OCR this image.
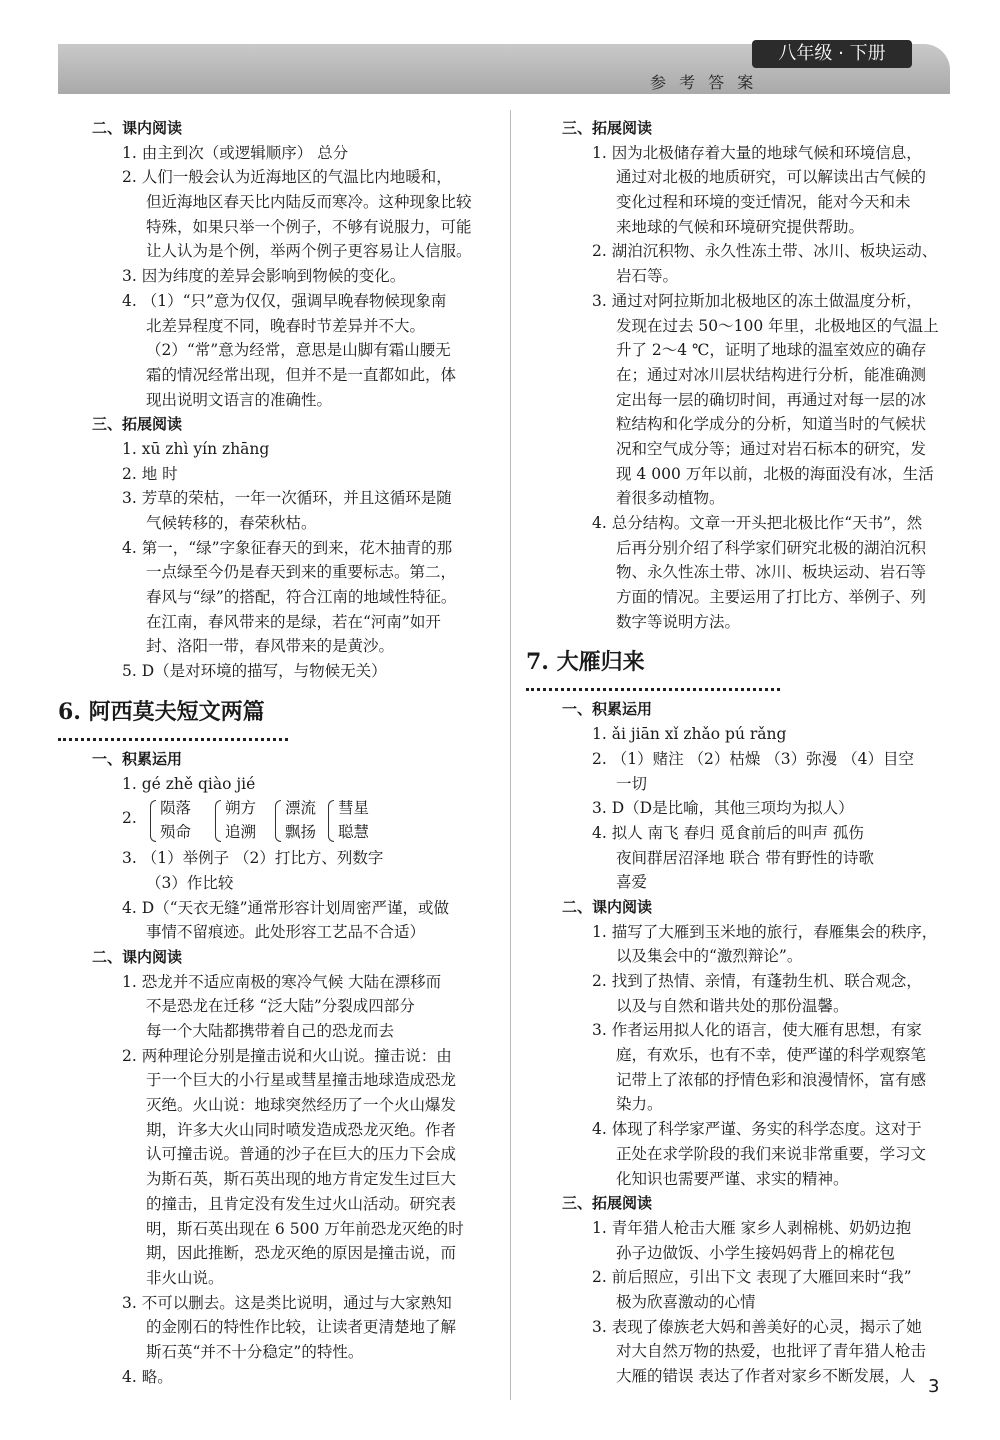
八年级 · 下册
参 考 答 案
二、课内阅读
1. 由主到次（或逻辑顺序） 总分
2. 人们一般会认为近海地区的气温比内地暖和，
但近海地区春天比内陆反而寒冷。这种现象比较
特殊，如果只举一个例子，不够有说服力，可能
让人认为是个例，举两个例子更容易让人信服。
3. 因为纬度的差异会影响到物候的变化。
4. （1）“只”意为仅仅，强调早晚春物候现象南
北差异程度不同，晚春时节差异并不大。
（2）“常”意为经常，意思是山脚有霜山腰无
霜的情况经常出现，但并不是一直都如此，体
现出说明文语言的准确性。
三、拓展阅读
1. xū zhì yín zhāng
2. 地 时
3. 芳草的荣枯，一年一次循环，并且这循环是随
气候转移的，春荣秋枯。
4. 第一，“绿”字象征春天的到来，花木抽青的那
一点绿至今仍是春天到来的重要标志。第二，
春风与“绿”的搭配，符合江南的地域性特征。
在江南，春风带来的是绿，若在“河南”如开
封、洛阳一带，春风带来的是黄沙。
5. D（是对环境的描写，与物候无关）
6. 阿西莫夫短文两篇
一、积累运用
1. gé zhě qiào jié
2.
陨落
殒命
朔方
追溯
漂流
飘扬
彗星
聪慧
3. （1）举例子 （2）打比方、列数字
（3）作比较
4. D（“天衣无缝”通常形容计划周密严谨，或做
事情不留痕迹。此处形容工艺品不合适）
二、课内阅读
1. 恐龙并不适应南极的寒冷气候 大陆在漂移而
不是恐龙在迁移 “泛大陆”分裂成四部分
每一个大陆都携带着自己的恐龙而去
2. 两种理论分别是撞击说和火山说。撞击说：由
于一个巨大的小行星或彗星撞击地球造成恐龙
灭绝。火山说：地球突然经历了一个火山爆发
期，许多大火山同时喷发造成恐龙灭绝。作者
认可撞击说。普通的沙子在巨大的压力下会成
为斯石英，斯石英出现的地方肯定发生过巨大
的撞击，且肯定没有发生过火山活动。研究表
明，斯石英出现在 6 500 万年前恐龙灭绝的时
期，因此推断，恐龙灭绝的原因是撞击说，而
非火山说。
3. 不可以删去。这是类比说明，通过与大家熟知
的金刚石的特性作比较，让读者更清楚地了解
斯石英“并不十分稳定”的特性。
4. 略。
三、拓展阅读
1. 因为北极储存着大量的地球气候和环境信息，
通过对北极的地质研究，可以解读出古气候的
变化过程和环境的变迁情况，能对今天和未
来地球的气候和环境研究提供帮助。
2. 湖泊沉积物、永久性冻土带、冰川、板块运动、
岩石等。
3. 通过对阿拉斯加北极地区的冻土做温度分析，
发现在过去 50～100 年里，北极地区的气温上
升了 2～4 ℃，证明了地球的温室效应的确存
在；通过对冰川层状结构进行分析，能准确测
定出每一层的确切时间，再通过对每一层的冰
粒结构和化学成分的分析，知道当时的气候状
况和空气成分等；通过对岩石标本的研究，发
现 4 000 万年以前，北极的海面没有冰，生活
着很多动植物。
4. 总分结构。文章一开头把北极比作“天书”，然
后再分别介绍了科学家们研究北极的湖泊沉积
物、永久性冻土带、冰川、板块运动、岩石等
方面的情况。主要运用了打比方、举例子、列
数字等说明方法。
7. 大雁归来
一、积累运用
1. ǎi jiān xǐ zhǎo pú rǎng
2. （1）赌注 （2）枯燥 （3）弥漫 （4）目空
一切
3. D（D是比喻，其他三项均为拟人）
4. 拟人 南飞 春归 觅食前后的叫声 孤伤
夜间群居沼泽地 联合 带有野性的诗歌
喜爱
二、课内阅读
1. 描写了大雁到玉米地的旅行，春雁集会的秩序，
以及集会中的“激烈辩论”。
2. 找到了热情、亲情，有蓬勃生机、联合观念，
以及与自然和谐共处的那份温馨。
3. 作者运用拟人化的语言，使大雁有思想，有家
庭，有欢乐，也有不幸，使严谨的科学观察笔
记带上了浓郁的抒情色彩和浪漫情怀，富有感
染力。
4. 体现了科学家严谨、务实的科学态度。这对于
正处在求学阶段的我们来说非常重要，学习文
化知识也需要严谨、求实的精神。
三、拓展阅读
1. 青年猎人枪击大雁 家乡人剥棉桃、奶奶边抱
孙子边做饭、小学生接妈妈背上的棉花包
2. 前后照应，引出下文 表现了大雁回来时“我”
极为欣喜激动的心情
3. 表现了傣族老大妈和善美好的心灵，揭示了她
对大自然万物的热爱，也批评了青年猎人枪击
大雁的错误 表达了作者对家乡不断发展，人 3
